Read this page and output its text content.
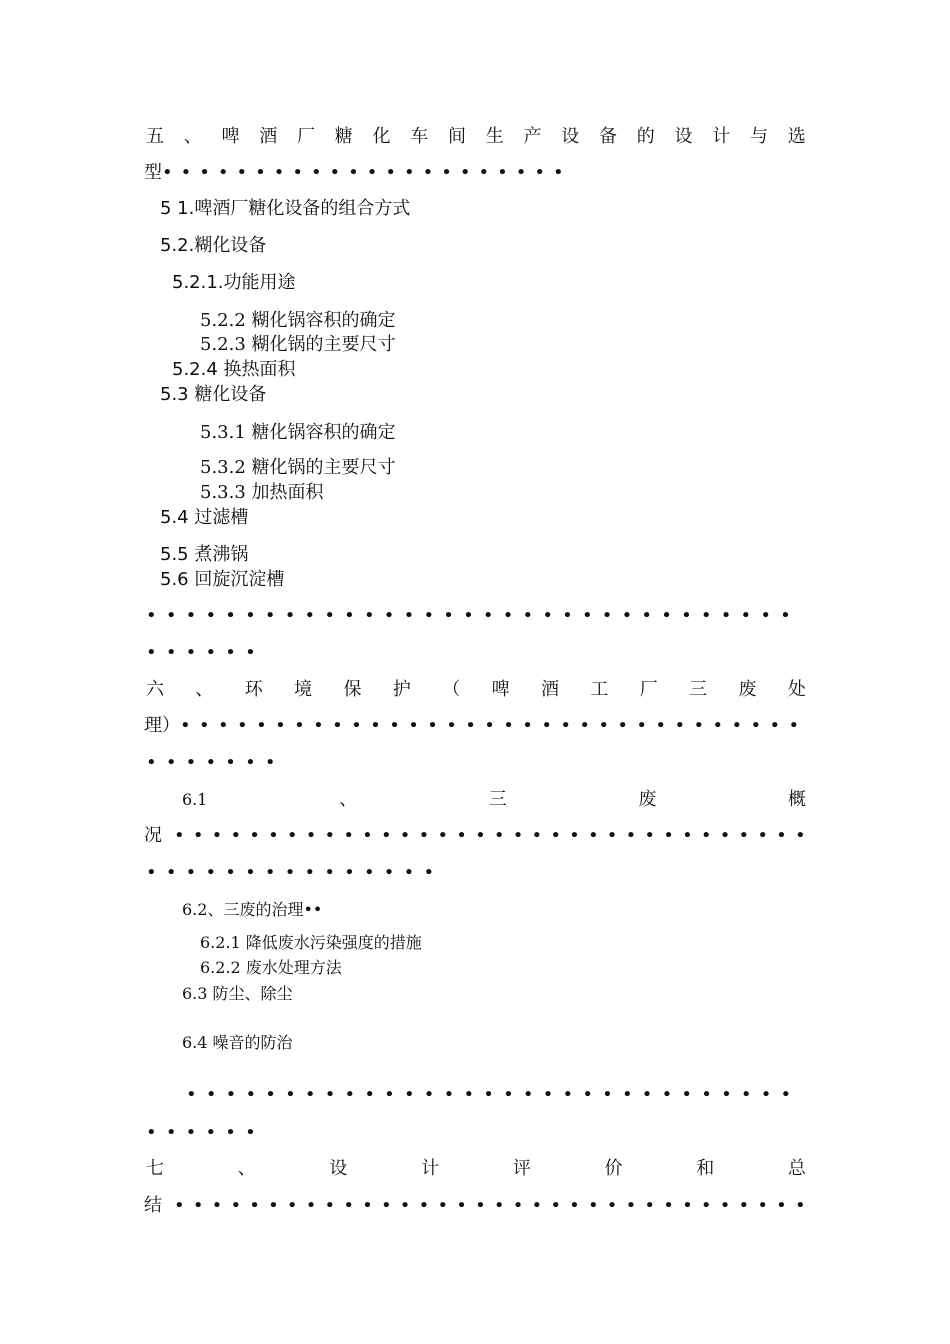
五 、 啤 酒 厂 糖 化 车 间 生 产 设 备 的 设 计 与 选
型••••••••••••••••••••••
5 1.啤酒厂糖化设备的组合方式
5.2.糊化设备
5.2.1.功能用途
5.2.2 糊化锅容积的确定
5.2.3 糊化锅的主要尺寸
5.2.4 换热面积
5.3 糖化设备
5.3.1 糖化锅容积的确定
5.3.2 糖化锅的主要尺寸
5.3.3 加热面积
5.4 过滤槽
5.5 煮沸锅
5.6 回旋沉淀槽
•••••••••••••••••••••••••••••••••
••••••
六 、 环 境 保 护 （ 啤 酒 工 厂 三 废 处
理）•••••••••••••••••••••••••••••••••
•••••••
6.1	、	三	废	概
况 ••••••••••••••••••••••••••••••••••
•••••••••••••••
6.2、三废的治理••
6.2.1 降低废水污染强度的措施
6.2.2 废水处理方法
6.3 防尘、除尘
6.4 噪音的防治
•••••••••••••••••••••••••••••••
••••••
七	、	设	计	评	价	和	总
结 ••••••••••••••••••••••••••••••••••
